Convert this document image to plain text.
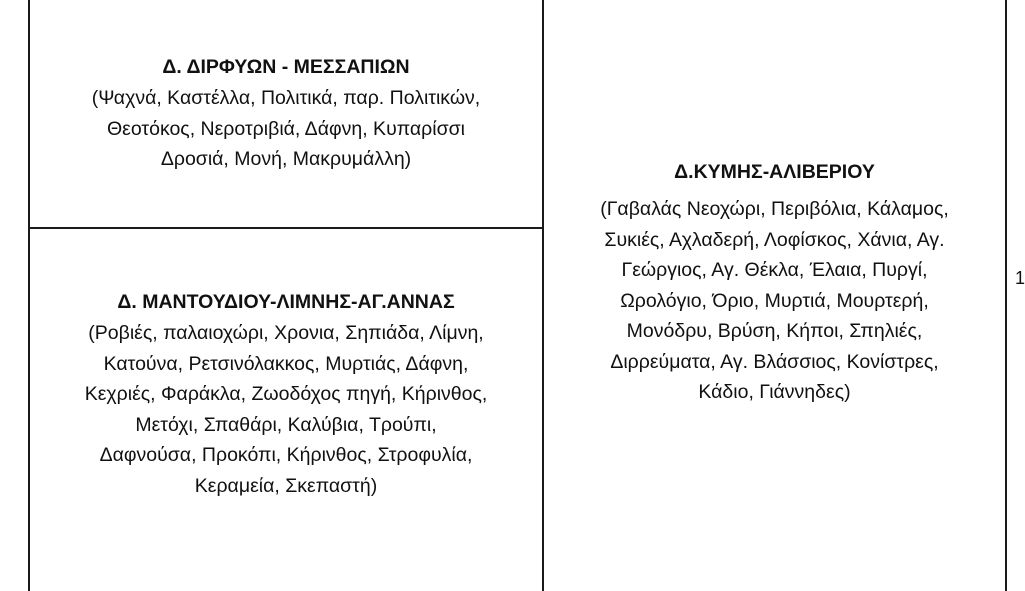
Δ. ΔΙΡΦΥΩΝ - ΜΕΣΣΑΠΙΩΝ
(Ψαχνά, Καστέλλα, Πολιτικά, παρ. Πολιτικών,
Θεοτόκος, Νεροτριβιά, Δάφνη, Κυπαρίσσι
Δροσιά, Μονή, Μακρυμάλλη)
Δ. ΜΑΝΤΟΥΔΙΟΥ-ΛΙΜΝΗΣ-ΑΓ.ΑΝΝΑΣ
(Ροβιές, παλαιοχώρι, Χρονια, Σηπιάδα, Λίμνη,
Κατούνα, Ρετσινόλακκος, Μυρτιάς, Δάφνη,
Κεχριές, Φαράκλα, Ζωοδόχος πηγή, Κήρινθος,
Μετόχι, Σπαθάρι, Καλύβια, Τρούπι,
Δαφνούσα, Προκόπι, Κήρινθος, Στροφυλία,
Κεραμεία, Σκεπαστή)
Δ.ΚΥΜΗΣ-ΑΛΙΒΕΡΙΟΥ
(Γαβαλάς Νεοχώρι, Περιβόλια, Κάλαμος,
Συκιές, Αχλαδερή, Λοφίσκος, Χάνια, Αγ.
Γεώργιος, Αγ. Θέκλα, Έλαια, Πυργί,
Ωρολόγιο, Όριο, Μυρτιά, Μουρτερή,
Μονόδρυ, Βρύση, Κήποι, Σπηλιές,
Διρρεύματα, Αγ. Βλάσσιος, Κονίστρες,
Κάδιο, Γιάννηδες)
1
